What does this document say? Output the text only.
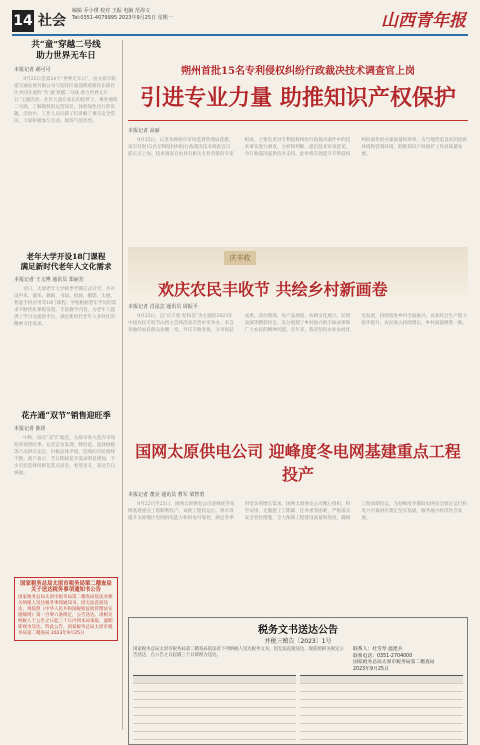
14 社会
编辑 乔小璞 校对 王振 电脑 范海文
Tel:0351-4079995 2023年9月25日 星期一	山西青年报
共“童”穿越二号线
助力世界无车日
本报记者 郝可可

9月22日是第24个“世界无车日”，由太原市轨道交通发展有限公司与迎泽区庙前街道新民东街社区共同开展的“共‘童’穿越二号线 助力世界无车日”主题活动。社区儿童在家长的陪伴下，乘坐地铁二号线，了解地铁的运营知识，体验绿色出行的乐趣。活动中，工作人员向孩子们讲解了乘车安全常识，大家积极参与互动，现场气氛热烈。

老年大学开设18门课程
满足新时代老年人文化需求
本报记者 王文博 通讯员 郑丽芳

近日，太原老年大学秋季学期正式开学，共开设声乐、器乐、舞蹈、书法、绘画、摄影、太极、智能手机应用等18门课程。学校根据老年学员的需求不断优化课程设置，丰富教学内容，为老年人提供了学习交流的平台，满足新时代老年人多样化的精神文化需求。

花卉通“双节”销售迎旺季
本报记者 陈彤

中秋、国庆“双节”临近，太原市各大花卉市场迎来销售旺季。记者走访发现，鲜切花、盆栽绿植等产品供应充足，价格总体平稳，选购的市民络绎不绝。商户表示，节日期间花卉需求明显增加，不少市民选择用鲜花装点居室、看望亲友，表达节日祝福。

国家税务总局太原市税务局第二稽查局关于送达税务事项通知书公告
国家税务总局太原市税务局第二稽查局依法对相关纳税人送达税务事项通知书，因无法直接送达，现依照《中华人民共和国税收征收管理法实施细则》第一百零六条规定，公告送达。请相关纳税人于公告之日起三十日内到本局领取，逾期即视为送达。特此公告。国家税务总局太原市税务局第二稽查局 2023年9月25日
朔州首批15名专利侵权纠纷行政裁决技术调查官上岗
引进专业力量 助推知识产权保护
本报记者 高丽

9月25日，记者从朔州市市场监督管理局获悉，该市首批15名专利侵权纠纷行政裁决技术调查官日前正式上岗。技术调查官由具有相关专业背景的专家组成，主要负责对专利侵权纠纷行政裁决案件中的技术事实进行调查、分析和判断，提出技术审查意见，为行政裁决提供技术支持。此举将有效提升专利侵权纠纷案件的办案质量和效率，为当地营造良好的创新环境和营商环境，助推知识产权保护工作高质量发展。

庆丰收
欢庆农民丰收节 共绘乡村新画卷
本报记者 肖泓芸 通讯员 周振平

9月23日，以“庆丰收 促和美”为主题的2023年中国农民丰收节山西主会场活动在晋中市举办。来自各地的农民群众欢聚一堂，共庆丰收喜悦，分享收获成果。活动现场，农产品展销、农耕文化展示、民俗表演等精彩纷呈，充分展现了乡村振兴的丰硕成果和广大农民的精神风貌。近年来，我省坚持农业农村优先发展，持续推进乡村全面振兴，农业综合生产能力稳步提升，农民收入持续增长，乡村面貌焕然一新。

国网太原供电公司 迎峰度冬电网基建重点工程投产
本报记者 董亮 通讯员 曹军 梁智勇

9月22日至23日，国网太原供电公司迎峰度冬电网基建重点工程顺利投产。该批工程投运后，将有效提升太原地区电网供电能力和供电可靠性，满足冬季用电负荷增长需求。国网太原供电公司精心组织、科学安排，克服施工工期紧、任务重等困难，严格落实安全管控措施，全力保障工程建设质量和进度，确保工程如期投运，为迎峰度冬期间电网安全稳定运行和电力可靠供应奠定坚实基础，服务地方经济社会发展。

税务文书送达公告
并税三稽告〔2023〕1号
国家税务总局太原市税务局第二稽查局依法对下列纳税人送达税务文书，因无法直接送达，现依照相关规定公告送达，自公告之日起满三十日即视为送达。
联系人：杜雪琴 温建兵
联系电话：0351-2704000
国家税务总局太原市税务局第二稽查局
2023年9月25日
